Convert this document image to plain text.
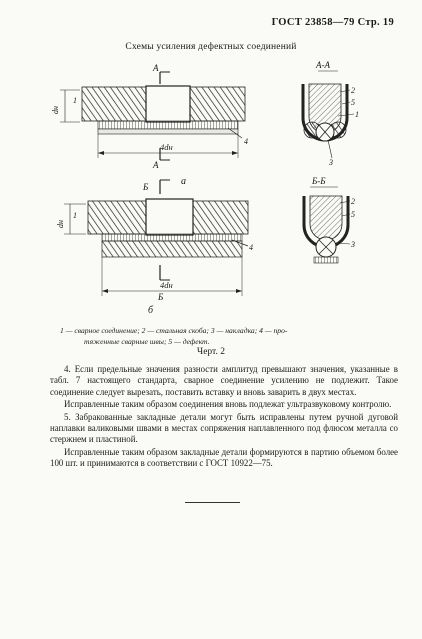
ГОСТ 23858—79 Стр. 19
Схемы усиления дефектных соединений
А
А
а
Б
Б
б
dн
dн
4dн
4dн
А-А
Б-Б
1
4
1
4
2
5
1
3
2
5
3
1 — сварное соединение; 2 — стальная скоба; 3 — накладка; 4 — про-
тяженные сварные швы; 5 — дефект.
Черт. 2

4. Если предельные значения разности амплитуд превышают значения, указанные в табл. 7 настоящего стандарта, сварное соединение усилению не подлежит. Такое соединение следует вырезать, поставить вставку и вновь заварить в двух местах.

Исправленные таким образом соединения вновь подлежат ультразвуковому контролю.

5. Забракованные закладные детали могут быть исправлены путем ручной дуговой наплавки валиковыми швами в местах сопряжения наплавленного под флюсом металла со стержнем и пластиной.

Исправленные таким образом закладные детали формируются в партию объемом более 100 шт. и принимаются в соответствии с ГОСТ 10922—75.
